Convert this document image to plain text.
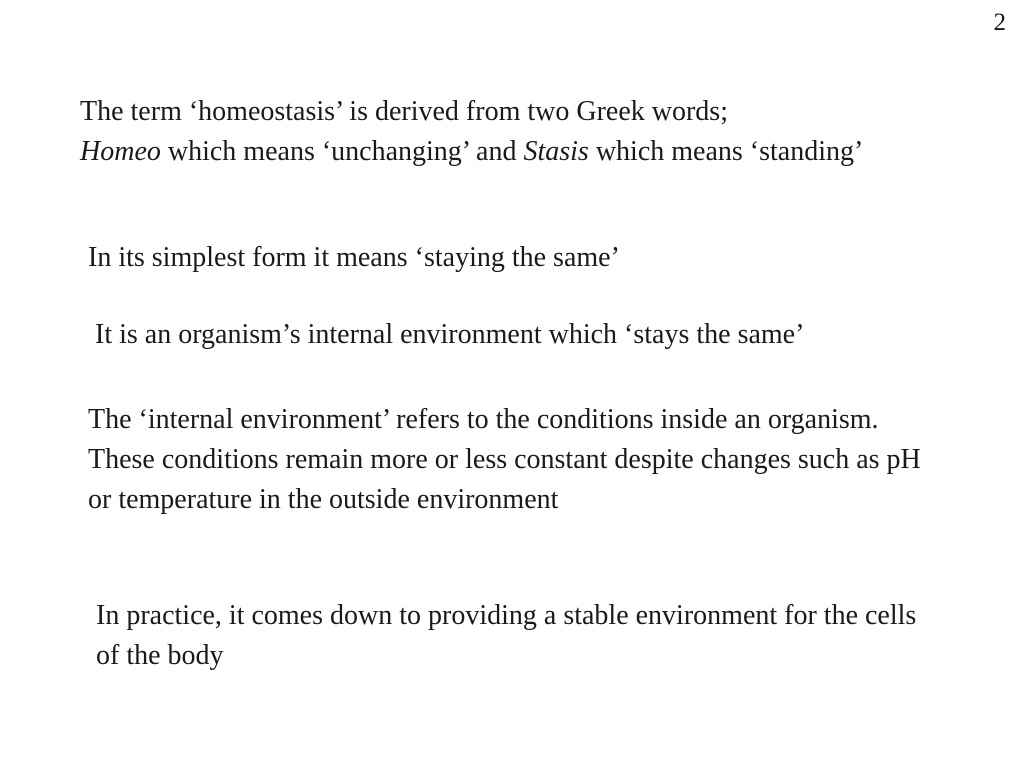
2

The term ‘homeostasis’ is derived from two Greek words;
Homeo which means ‘unchanging’ and Stasis which means ‘standing’

In its simplest form it means ‘staying the same’

It is an organism’s internal environment which ‘stays the same’

The ‘internal environment’ refers to the conditions inside an organism. These conditions remain more or less constant despite changes such as pH or temperature in the outside environment

In practice, it comes down to providing a stable environment for the cells of the body
